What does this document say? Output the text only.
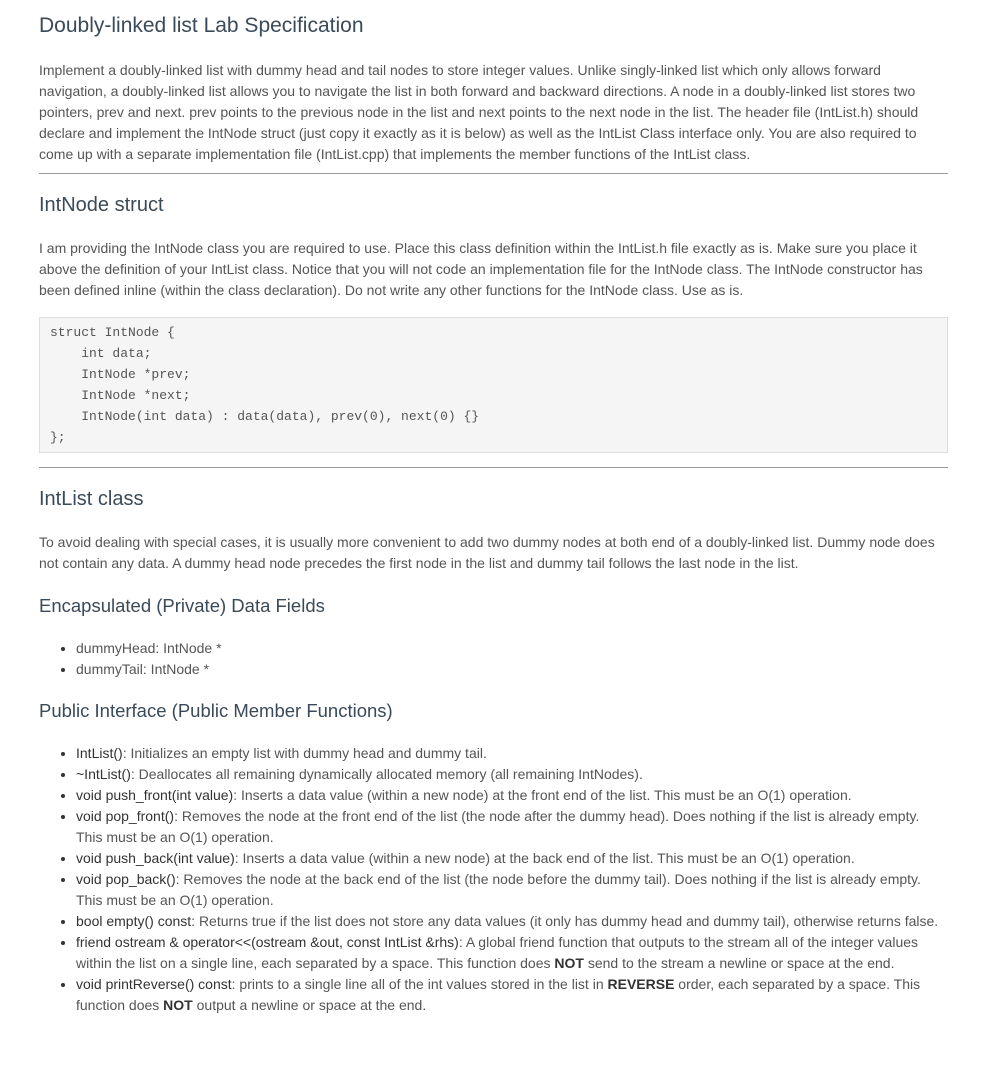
Doubly-linked list Lab Specification

Implement a doubly-linked list with dummy head and tail nodes to store integer values. Unlike singly-linked list which only allows forward navigation, a doubly-linked list allows you to navigate the list in both forward and backward directions. A node in a doubly-linked list stores two pointers, prev and next. prev points to the previous node in the list and next points to the next node in the list. The header file (IntList.h) should declare and implement the IntNode struct (just copy it exactly as it is below) as well as the IntList Class interface only. You are also required to come up with a separate implementation file (IntList.cpp) that implements the member functions of the IntList class.

IntNode struct

I am providing the IntNode class you are required to use. Place this class definition within the IntList.h file exactly as is. Make sure you place it above the definition of your IntList class. Notice that you will not code an implementation file for the IntNode class. The IntNode constructor has been defined inline (within the class declaration). Do not write any other functions for the IntNode class. Use as is.

struct IntNode {
int data;
IntNode *prev;
IntNode *next;
IntNode(int data) : data(data), prev(0), next(0) {}
};
IntList class

To avoid dealing with special cases, it is usually more convenient to add two dummy nodes at both end of a doubly-linked list. Dummy node does not contain any data. A dummy head node precedes the first node in the list and dummy tail follows the last node in the list.

Encapsulated (Private) Data Fields
• dummyHead: IntNode *
• dummyTail: IntNode *
Public Interface (Public Member Functions)
• IntList(): Initializes an empty list with dummy head and dummy tail.
• ~IntList(): Deallocates all remaining dynamically allocated memory (all remaining IntNodes).
• void push_front(int value): Inserts a data value (within a new node) at the front end of the list. This must be an O(1) operation.
• void pop_front(): Removes the node at the front end of the list (the node after the dummy head). Does nothing if the list is already empty. This must be an O(1) operation.
• void push_back(int value): Inserts a data value (within a new node) at the back end of the list. This must be an O(1) operation.
• void pop_back(): Removes the node at the back end of the list (the node before the dummy tail). Does nothing if the list is already empty. This must be an O(1) operation.
• bool empty() const: Returns true if the list does not store any data values (it only has dummy head and dummy tail), otherwise returns false.
• friend ostream & operator<<(ostream &out, const IntList &rhs): A global friend function that outputs to the stream all of the integer values within the list on a single line, each separated by a space. This function does NOT send to the stream a newline or space at the end.
• void printReverse() const: prints to a single line all of the int values stored in the list in REVERSE order, each separated by a space. This function does NOT output a newline or space at the end.
